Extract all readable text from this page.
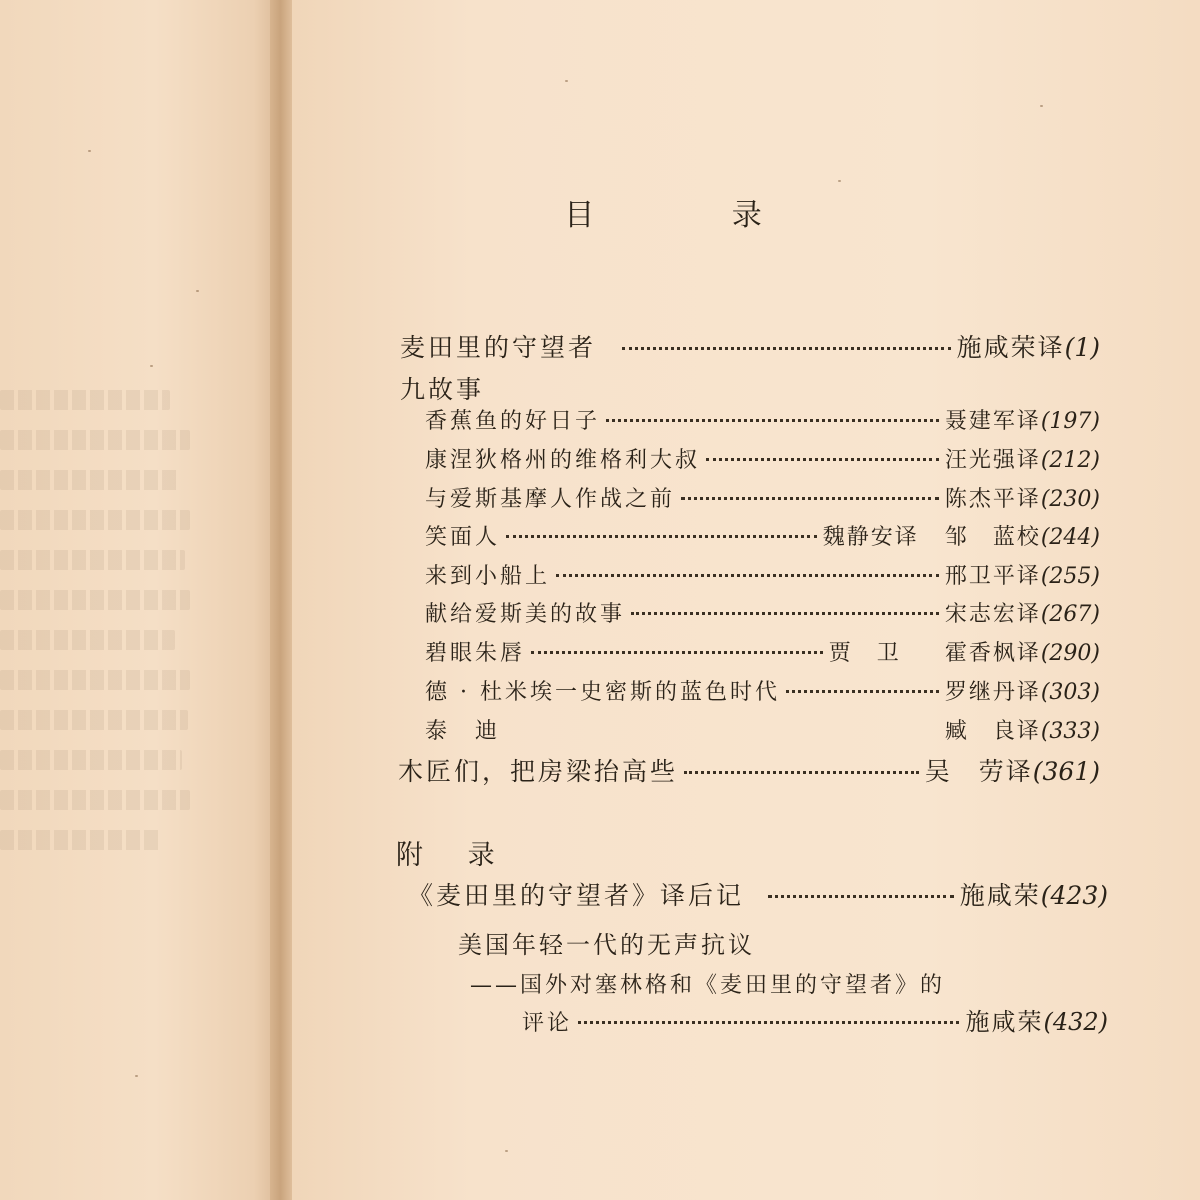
目 录
麦田里的守望者	施咸荣译 (1)
九故事
香蕉鱼的好日子	聂建军译 (197)
康涅狄格州的维格利大叔	汪光强译 (212)
与爱斯基摩人作战之前	陈杰平译 (230)
笑面人	魏静安译 邹　蓝校 (244)
来到小船上	邢卫平译 (255)
献给爱斯美的故事	宋志宏译 (267)
碧眼朱唇	贾　卫 霍香枫译 (290)
德 · 杜米埃一史密斯的蓝色时代	罗继丹译 (303)
泰　迪	臧　良译 (333)
木匠们，把房梁抬高些	吴　劳译 (361)
附 录
《麦田里的守望者》译后记	施咸荣 (423)
美国年轻一代的无声抗议
——国外对塞林格和《麦田里的守望者》的
评论	施咸荣 (432)
